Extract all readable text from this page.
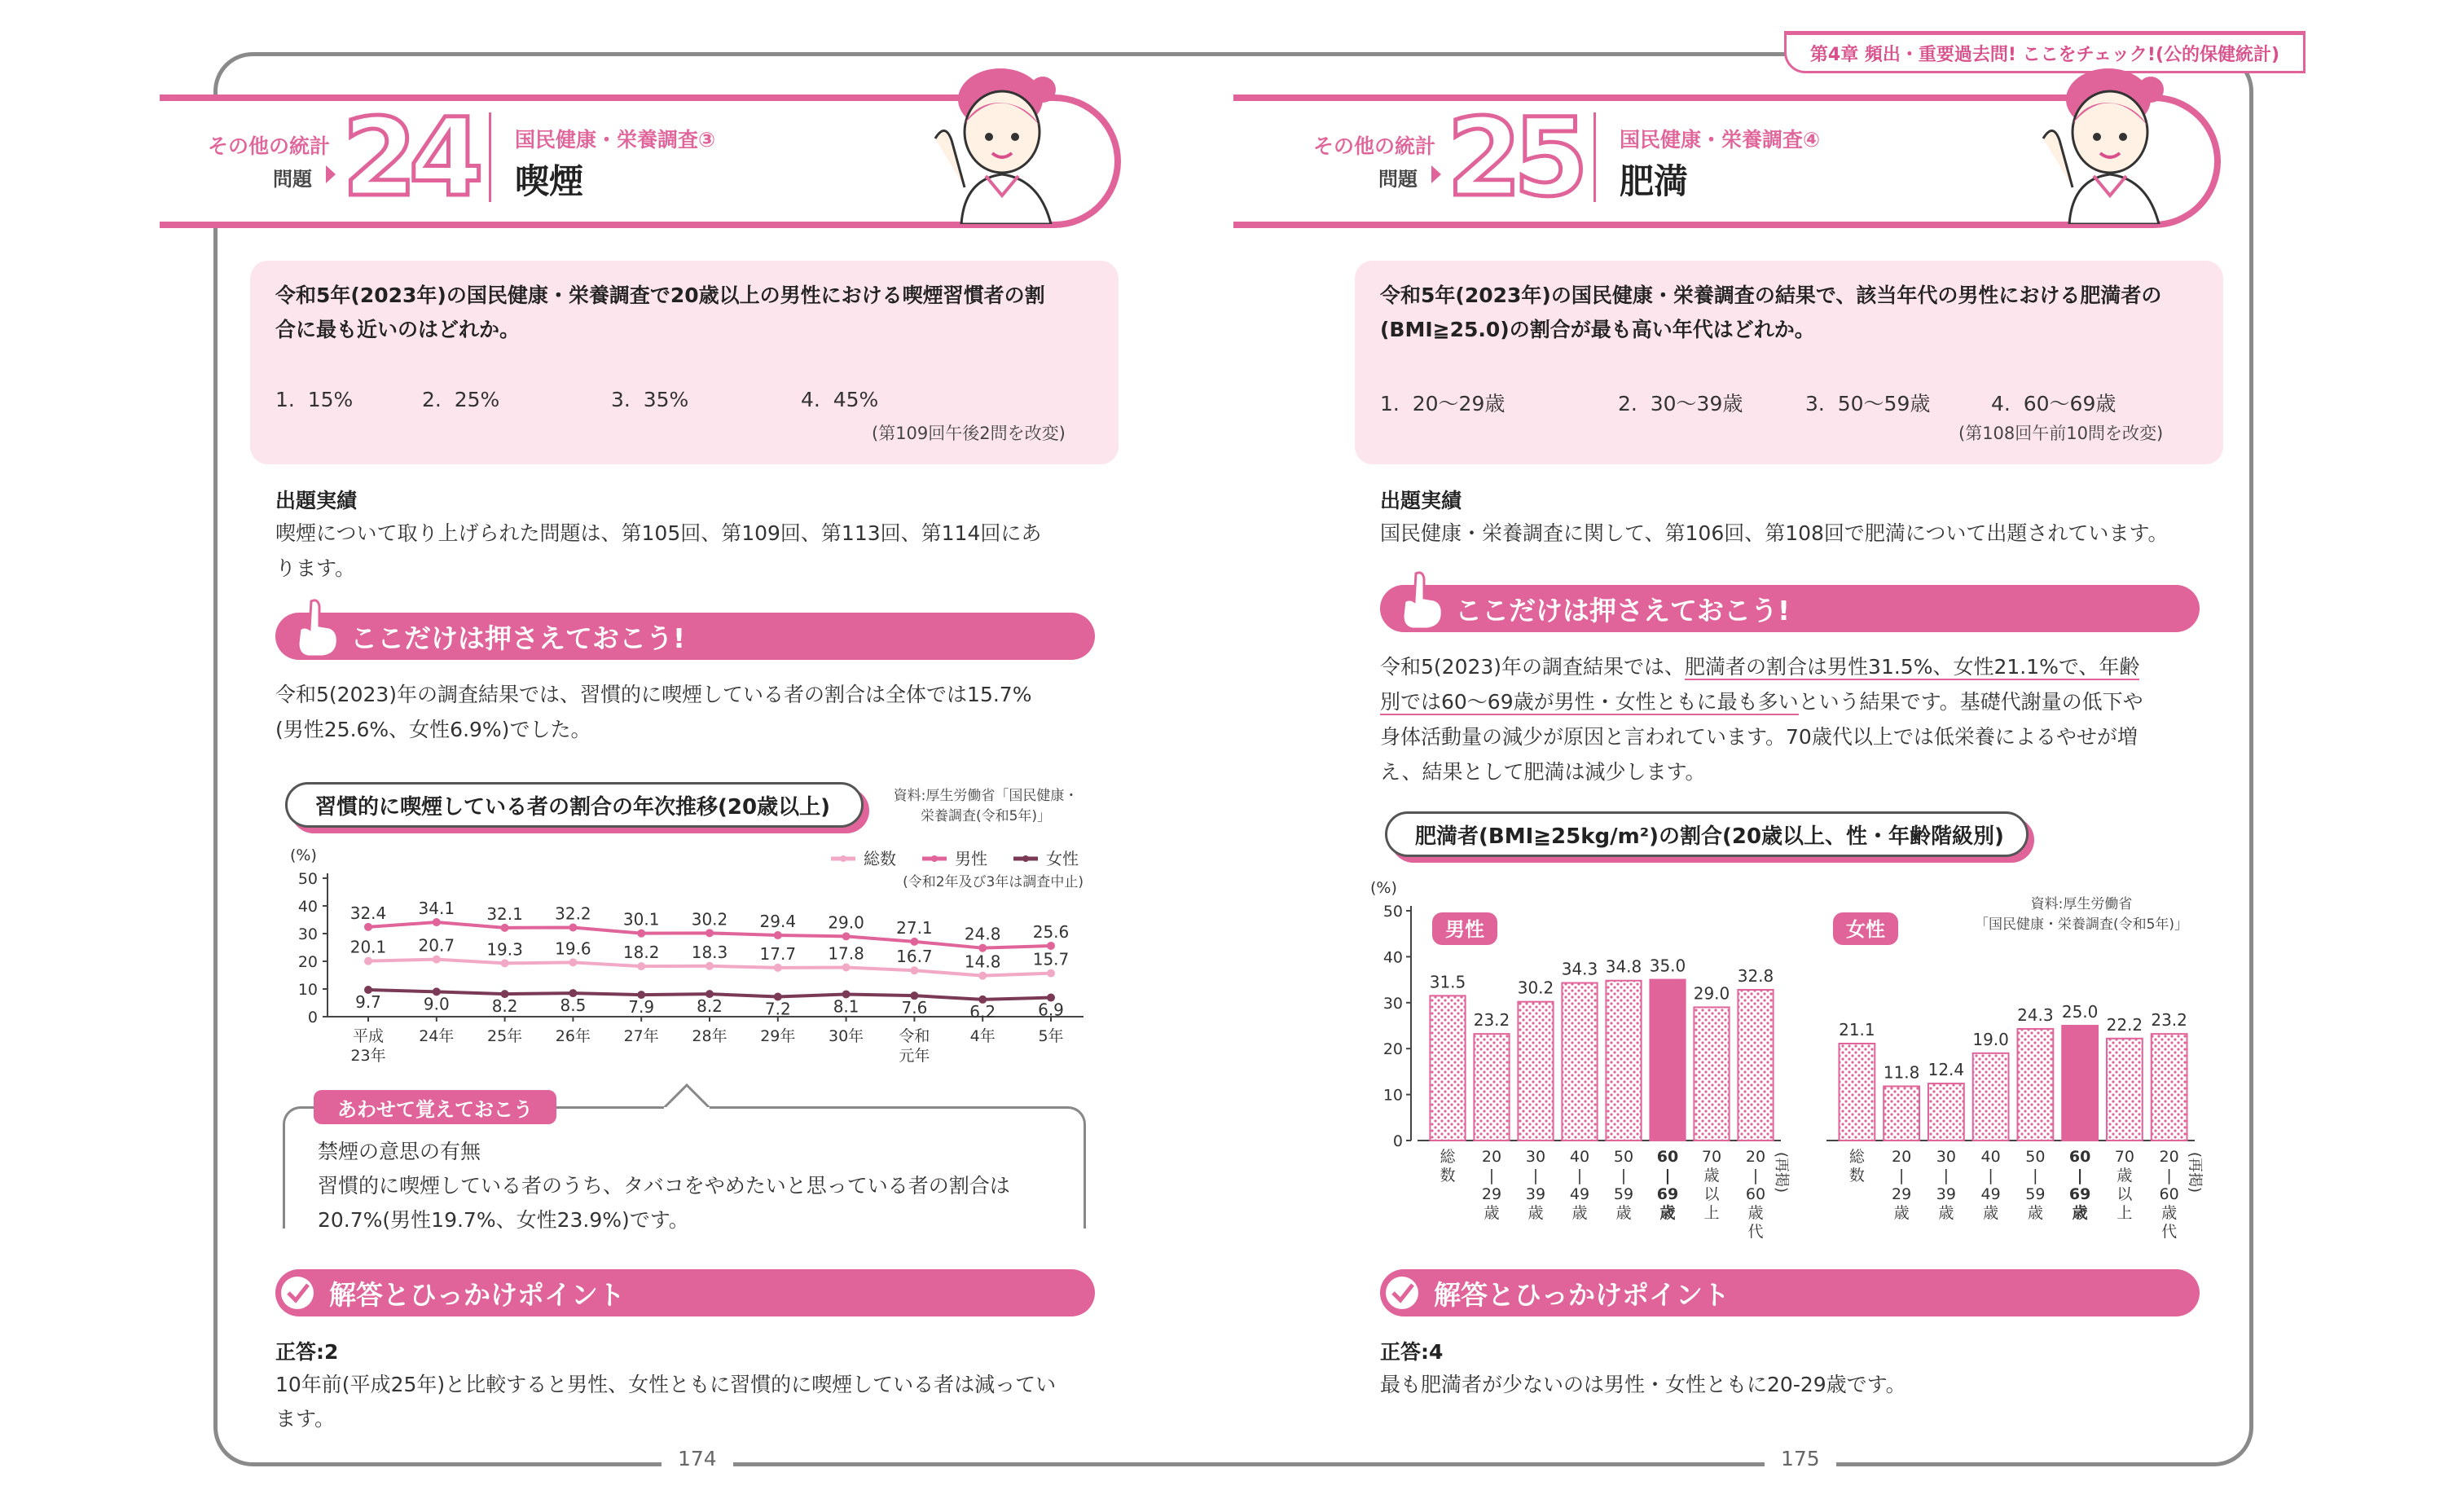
174	175
第4章 頻出・重要過去問! ここをチェック!(公的保健統計)
その他の統計
問題 24 国民健康・栄養調査③
喫煙
令和5年(2023年)の国民健康・栄養調査で20歳以上の男性における喫煙習慣者の割
合に最も近いのはどれか。
1.  15%	2.  25%	3.  35%	4.  45%
(第109回午後2問を改変)
出題実績
喫煙について取り上げられた問題は、第105回、第109回、第113回、第114回にあ
ります。
ここだけは押さえておこう!
令和5(2023)年の調査結果では、習慣的に喫煙している者の割合は全体では15.7%
(男性25.6%、女性6.9%)でした。
習慣的に喫煙している者の割合の年次推移(20歳以上)	資料:厚生労働省「国民健康・
栄養調査(令和5年)」
(%)
0
10
20
30
40
50
平成
23年
24年 25年 26年 27年 28年 29年 30年 令和
元年
4年	5年
総数	男性	女性
(令和2年及び3年は調査中止)
20.1 20.7 19.3 19.6 18.2 18.3 17.7 17.8 16.7 14.8 15.7
32.4 34.1 32.1 32.2 30.1 30.2 29.4 29.0 27.1 24.8 25.6
9.7	9.0	8.2	8.5	7.9	8.2	7.2	8.1	7.6	6.2	6.9
あわせて覚えておこう
禁煙の意思の有無
習慣的に喫煙している者のうち、タバコをやめたいと思っている者の割合は
20.7%(男性19.7%、女性23.9%)です。
解答とひっかけポイント
正答:2
10年前(平成25年)と比較すると男性、女性ともに習慣的に喫煙している者は減ってい
ます。
その他の統計
問題 25 国民健康・栄養調査④
肥満
令和5年(2023年)の国民健康・栄養調査の結果で、該当年代の男性における肥満者の
(BMI≧25.0)の割合が最も高い年代はどれか。
1.  20～29歳	2.  30～39歳	3.  50～59歳	4.  60～69歳
(第108回午前10問を改変)
出題実績
国民健康・栄養調査に関して、第106回、第108回で肥満について出題されています。
ここだけは押さえておこう!
令和5(2023)年の調査結果では、肥満者の割合は男性31.5%、女性21.1%で、年齢
別では60～69歳が男性・女性ともに最も多いという結果です。基礎代謝量の低下や
身体活動量の減少が原因と言われています。70歳代以上では低栄養によるやせが増
え、結果として肥満は減少します。
肥満者(BMI≧25kg/m²)の割合(20歳以上、性・年齢階級別)
資料:厚生労働省
「国民健康・栄養調査(令和5年)」
(%)
0
10
20
30
40
50
男性
31.5
総
数
23.2
20
|
29
歳
30.2
30
|
39
歳
34.3
40
|
49
歳
34.8
50
|
59
歳
35.0
60
|
69
歳
29.0
70
歳
以
上
32.8
20
|
60
歳
代
(再掲)
女性
21.1
総
数
11.8
20
|
29
歳
12.4
30
|
39
歳
19.0
40
|
49
歳
24.3
50
|
59
歳
25.0
60
|
69
歳
22.2
70
歳
以
上
23.2
20
|
60
歳
代
(再掲)
解答とひっかけポイント
正答:4
最も肥満者が少ないのは男性・女性ともに20-29歳です。
